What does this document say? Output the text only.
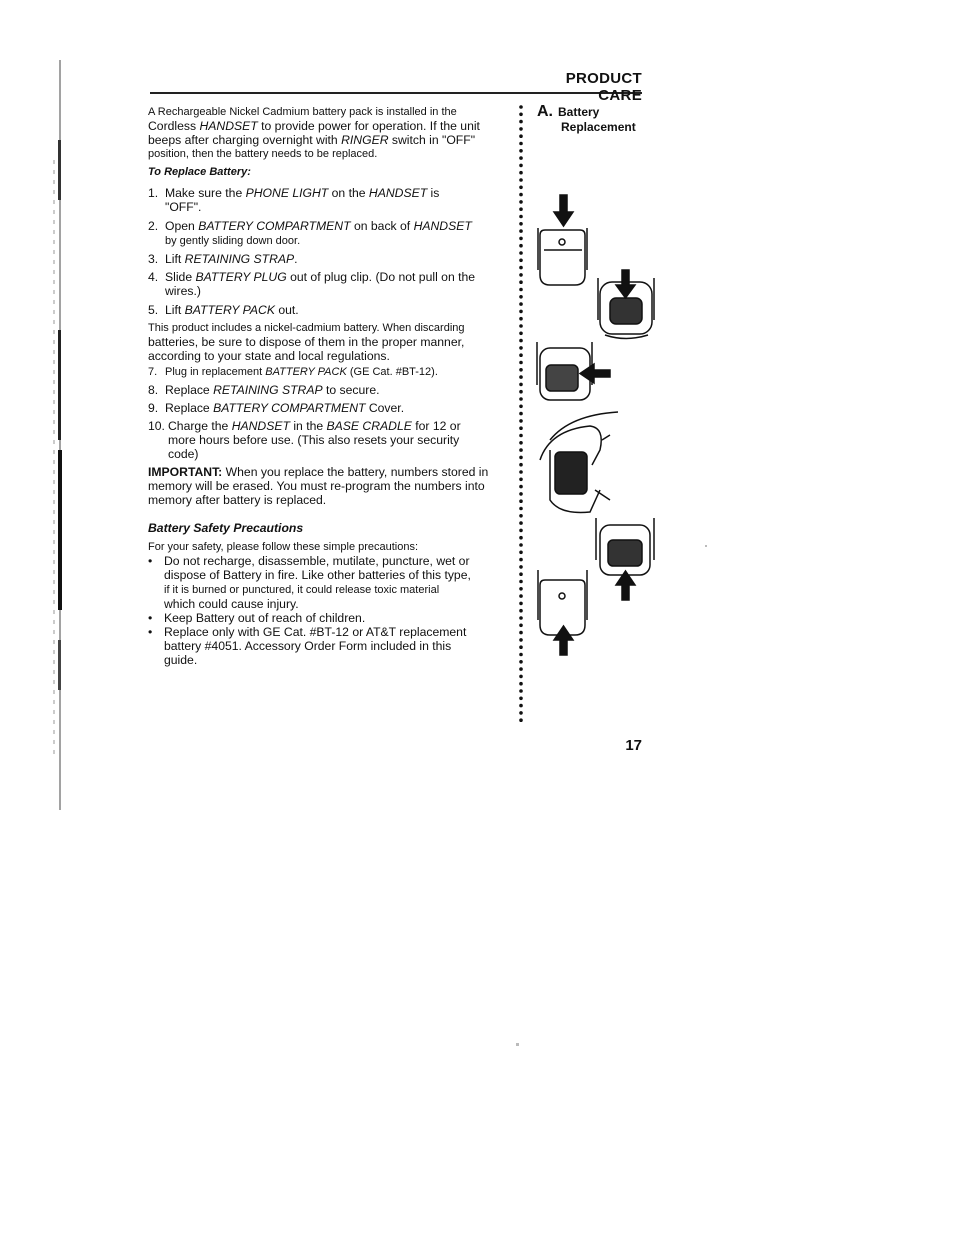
PRODUCT CARE

A Rechargeable Nickel Cadmium battery pack is installed in the

Cordless HANDSET to provide power for operation. If the unit

beeps after charging overnight with RINGER switch in "OFF"

position, then the battery needs to be replaced.

To Replace Battery:

1. Make sure the PHONE LIGHT on the HANDSET is
"OFF".
2. Open BATTERY COMPARTMENT on back of HANDSET
by gently sliding down door.
3. Lift RETAINING STRAP.
4. Slide BATTERY PLUG out of plug clip. (Do not pull on the
wires.)
5. Lift BATTERY PACK out.

This product includes a nickel-cadmium battery. When discarding

batteries, be sure to dispose of them in the proper manner,

according to your state and local regulations.

7. Plug in replacement BATTERY PACK (GE Cat. #BT-12).
8. Replace RETAINING STRAP to secure.
9. Replace BATTERY COMPARTMENT Cover.
10. Charge the HANDSET in the BASE CRADLE for 12 or
more hours before use. (This also resets your security
code)

IMPORTANT: When you replace the battery, numbers stored in
memory will be erased. You must re-program the numbers into
memory after battery is replaced.

Battery Safety Precautions

For your safety, please follow these simple precautions:

• Do not recharge, disassemble, mutilate, puncture, wet or
dispose of Battery in fire. Like other batteries of this type,
if it is burned or punctured, it could release toxic material
which could cause injury.
• Keep Battery out of reach of children.
• Replace only with GE Cat. #BT-12 or AT&T replacement
battery #4051. Accessory Order Form included in this
guide.
A. Battery
Replacement
17
